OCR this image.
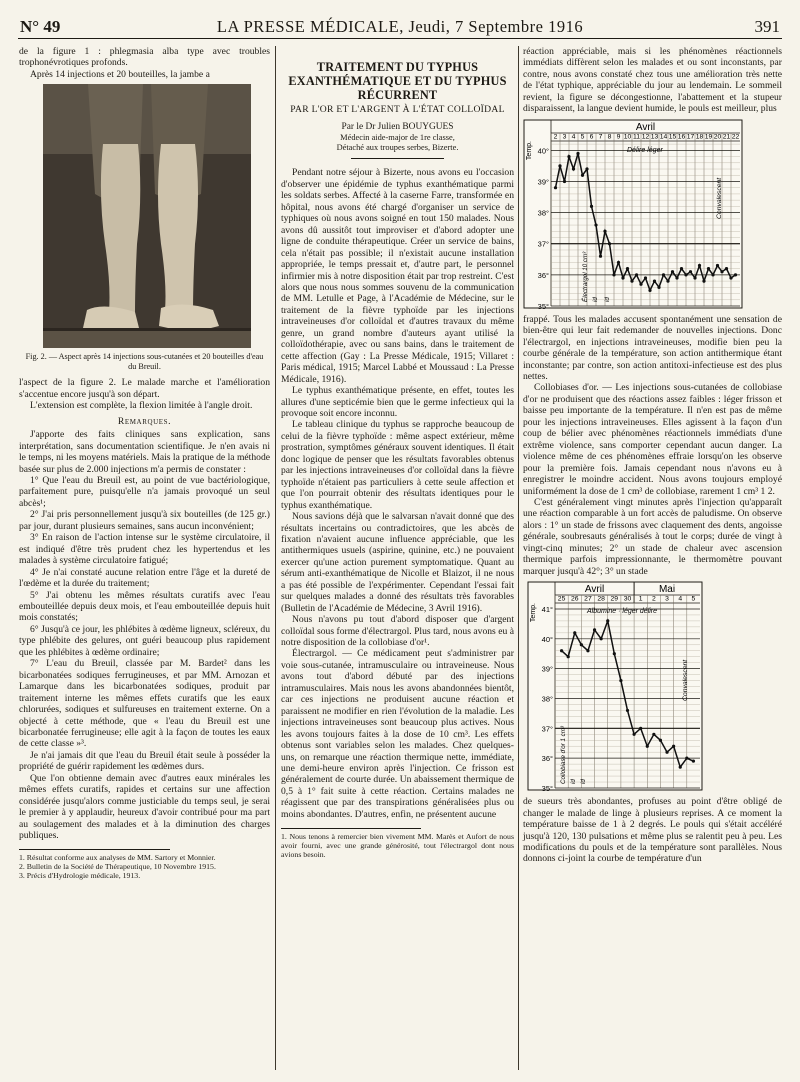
N° 49	LA PRESSE MÉDICALE, Jeudi, 7 Septembre 1916	391

de la figure 1 : phlegmasia alba type avec troubles trophonévrotiques profonds.

Après 14 injections et 20 bouteilles, la jambe a

Fig. 2. — Aspect après 14 injections sous-cutanées et 20 bouteilles d'eau du Breuil.

l'aspect de la figure 2. Le malade marche et l'amélioration s'accentue encore jusqu'à son départ.

L'extension est complète, la flexion limitée à l'angle droit.

Remarques.

J'apporte des faits cliniques sans explication, sans interprétation, sans documentation scientifique. Je n'en avais ni le temps, ni les moyens matériels. Mais la pratique de la méthode basée sur plus de 2.000 injections m'a permis de constater :

1° Que l'eau du Breuil est, au point de vue bactériologique, parfaitement pure, puisqu'elle n'a jamais provoqué un seul abcès¹;

2° J'ai pris personnellement jusqu'à six bouteilles (de 125 gr.) par jour, durant plusieurs semaines, sans aucun inconvénient;

3° En raison de l'action intense sur le système circulatoire, il est indiqué d'être très prudent chez les hypertendus et les malades à système circulatoire fatigué;

4° Je n'ai constaté aucune relation entre l'âge et la dureté de l'œdème et la durée du traitement;

5° J'ai obtenu les mêmes résultats curatifs avec l'eau embouteillée depuis deux mois, et l'eau embouteillée depuis huit mois constatés;

6° Jusqu'à ce jour, les phlébites à œdème ligneux, scléreux, du type phlébite des gelures, ont guéri beaucoup plus rapidement que les phlébites à œdème ordinaire;

7° L'eau du Breuil, classée par M. Bardet² dans les bicarbonatées sodiques ferrugineuses, et par MM. Arnozan et Lamarque dans les bicarbonatées sodiques, produit par traitement interne les mêmes effets curatifs que les eaux chlorurées, sodiques et sulfureuses en traitement externe. On a objecté à cette méthode, que « l'eau du Breuil est une bicarbonatée ferrugineuse; elle agit à la façon de toutes les eaux de cette classe »³.

Je n'ai jamais dit que l'eau du Breuil était seule à posséder la propriété de guérir rapidement les œdèmes durs.

Que l'on obtienne demain avec d'autres eaux minérales les mêmes effets curatifs, rapides et certains sur une affection considérée jusqu'alors comme justiciable du temps seul, je serai le premier à y applaudir, heureux d'avoir contribué pour ma part au soulagement des malades et à la diminution des charges publiques.

1. Résultat conforme aux analyses de MM. Sartory et Monnier.

2. Bulletin de la Société de Thérapeutique, 10 Novembre 1915.

3. Précis d'Hydrologie médicale, 1913.

TRAITEMENT DU TYPHUS EXANTHÉMATIQUE ET DU TYPHUS RÉCURRENT
PAR L'OR ET L'ARGENT À L'ÉTAT COLLOÏDAL
Par le Dr Julien BOUYGUES
Médecin aide-major de 1re classe,
Détaché aux troupes serbes, Bizerte.

Pendant notre séjour à Bizerte, nous avons eu l'occasion d'observer une épidémie de typhus exanthématique parmi les soldats serbes. Affecté à la caserne Farre, transformée en hôpital, nous avons été chargé d'organiser un service de typhiques où nous avons soigné en tout 150 malades. Nous avons dû aussitôt tout improviser et d'abord adopter une ligne de conduite thérapeutique. Créer un service de bains, cela n'était pas possible; il n'existait aucune installation appropriée, le temps pressait et, d'autre part, le personnel infirmier mis à notre disposition était par trop restreint. C'est alors que nous nous sommes souvenu de la communication de MM. Letulle et Page, à l'Académie de Médecine, sur le traitement de la fièvre typhoïde par les injections intraveineuses d'or colloïdal et d'autres travaux du même genre, un grand nombre d'auteurs ayant utilisé la colloïdothérapie, avec ou sans bains, dans le traitement de cette affection (Gay : La Presse Médicale, 1915; Villaret : Paris médical, 1915; Marcel Labbé et Moussaud : La Presse Médicale, 1916).

Le typhus exanthématique présente, en effet, toutes les allures d'une septicémie bien que le germe infectieux qui la provoque soit encore inconnu.

Le tableau clinique du typhus se rapproche beaucoup de celui de la fièvre typhoïde : même aspect extérieur, même prostration, symptômes généraux souvent identiques. Il était donc logique de penser que les résultats favorables obtenus par les injections intraveineuses d'or colloïdal dans la fièvre typhoïde n'étaient pas particuliers à cette seule affection et que l'on pourrait obtenir des résultats identiques pour le typhus exanthématique.

Nous savions déjà que le salvarsan n'avait donné que des résultats incertains ou contradictoires, que les abcès de fixation n'avaient aucune influence appréciable, que les antithermiques usuels (aspirine, quinine, etc.) ne pouvaient exercer qu'une action purement symptomatique. Quant au sérum anti-exanthématique de Nicolle et Blaizot, il ne nous a pas été possible de l'expérimenter. Cependant l'essai fait sur quelques malades a donné des résultats très favorables (Bulletin de l'Académie de Médecine, 3 Avril 1916).

Nous n'avons pu tout d'abord disposer que d'argent colloïdal sous forme d'électrargol. Plus tard, nous avons eu à notre disposition de la collobiase d'or¹.

Électrargol. — Ce médicament peut s'administrer par voie sous-cutanée, intramusculaire ou intraveineuse. Nous avons tout d'abord débuté par des injections intramusculaires. Mais nous les avons abandonnées bientôt, car ces injections ne produisent aucune réaction et paraissent ne modifier en rien l'évolution de la maladie. Les injections intraveineuses sont beaucoup plus actives. Nous les avons toujours faites à la dose de 10 cm³. Les effets obtenus sont variables selon les malades. Chez quelques-uns, on remarque une réaction thermique nette, immédiate, une demi-heure environ après l'injection. Ce frisson est généralement de courte durée. Un abaissement thermique de 0,5 à 1° fait suite à cette réaction. Certains malades ne réagissent que par des transpirations généralisées plus ou moins abondantes. D'autres, enfin, ne présentent aucune

1. Nous tenons à remercier bien vivement MM. Marès et Aufort de nous avoir fourni, avec une grande générosité, tout l'électrargol dont nous avions besoin.

réaction appréciable, mais si les phénomènes réactionnels immédiats diffèrent selon les malades et ou sont inconstants, par contre, nous avons constaté chez tous une amélioration très nette de l'état typhique, appréciable du jour au lendemain. Le sommeil revient, la figure se décongestionne, l'abattement et la stupeur disparaissent, la langue devient humide, le pouls est meilleur, plus

Avril
Temp.
2 3 4 5 6 7 8 9 10 11 12 13 14 15 16 17 18 19 20 21 22
40°
39°
38°
37°
36°
35°
Délire léger
Électrargol 10 cm³ id id
Convalescent

frappé. Tous les malades accusent spontanément une sensation de bien-être qui leur fait redemander de nouvelles injections. Donc l'électrargol, en injections intraveineuses, modifie bien peu la courbe générale de la température, son action antithermique étant inconstante; par contre, son action antitoxi-infectieuse est des plus nettes.

Collobiases d'or. — Les injections sous-cutanées de collobiase d'or ne produisent que des réactions assez faibles : léger frisson et baisse peu importante de la température. Il n'en est pas de même pour les injections intraveineuses. Elles agissent à la façon d'un coup de bélier avec phénomènes réactionnels immédiats d'une extrême violence, sans comporter cependant aucun danger. La violence même de ces phénomènes effraie lorsqu'on les observe pour la première fois. Jamais cependant nous n'avons eu à enregistrer le moindre accident. Nous avons toujours employé uniformément la dose de 1 cm³ de collobiase, rarement 1 cm³ 1 2.

C'est généralement vingt minutes après l'injection qu'apparaît une réaction comparable à un fort accès de paludisme. On observe alors : 1° un stade de frissons avec claquement des dents, angoisse générale, soubresauts généralisés à tout le corps; durée de vingt à vingt-cinq minutes; 2° un stade de chaleur avec ascension thermique parfois impressionnante, le thermomètre pouvant marquer jusqu'à 42°; 3° un stade

Avril	Mai
Temp.
25 26 27 28 29 30 1 2 3 4 5
41°
40°
39°
38°
37°
36°
35°
Albumine · léger délire
Collobiase d'or 1 cm³ id id
Convalescent

de sueurs très abondantes, profuses au point d'être obligé de changer le malade de linge à plusieurs reprises. A ce moment la température baisse de 1 à 2 degrés. Le pouls qui s'était accéléré jusqu'à 120, 130 pulsations et même plus se ralentit peu à peu. Les modifications du pouls et de la température sont parallèles. Nous donnons ci-joint la courbe de température d'un
